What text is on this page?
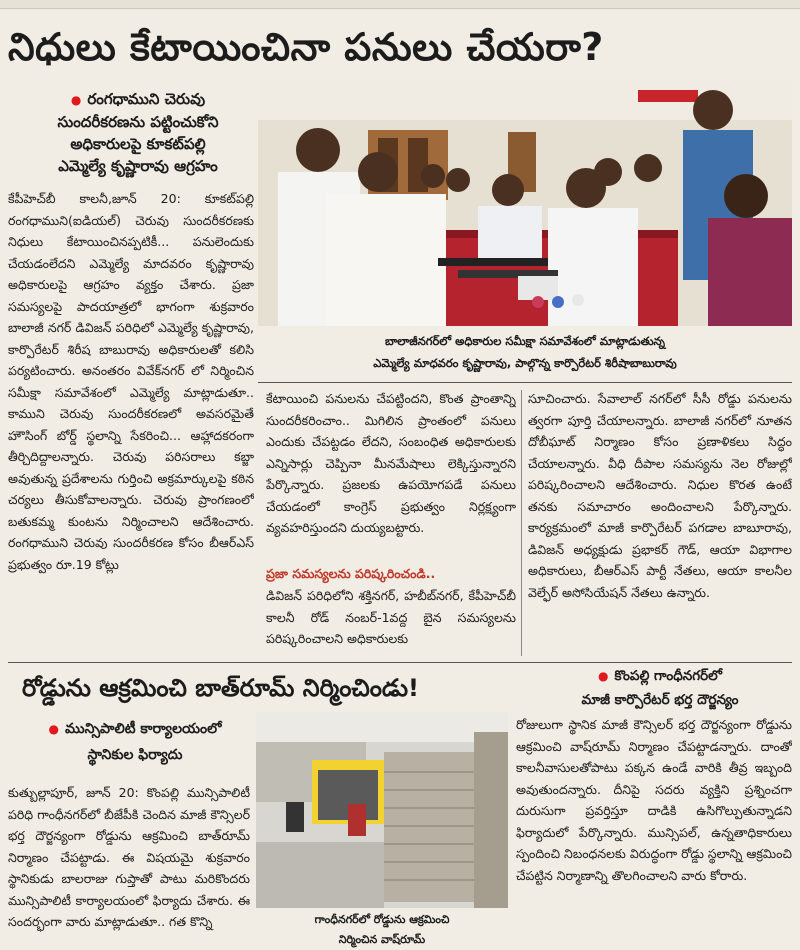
నిధులు కేటాయించినా పనులు చేయరా?
● రంగధాముని చెరువు
సుందరీకరణను పట్టించుకోని
అధికారులపై కూకట్‌పల్లి
ఎమ్మెల్యే కృష్ణారావు ఆగ్రహం
కేపీహెచ్‌బీ కాలనీ,జూన్ 20: కూకట్‌పల్లి రంగధాముని(ఐడియల్) చెరువు సుందరీకరణకు నిధులు కేటాయించినప్పటికీ... పనులెందుకు చేయడంలేదని ఎమ్మెల్యే మాదవరం కృష్ణారావు అధికారులపై ఆగ్రహం వ్యక్తం చేశారు. ప్రజా సమస్యలపై పాదయాత్రలో భాగంగా శుక్రవారం బాలాజీ నగర్ డివిజన్ పరిధిలో ఎమ్మెల్యే కృష్ణారావు, కార్పొరేటర్ శిరీష బాబురావు అధికారులతో కలిసి పర్యటించారు. అనంతరం వివేక్‌నగర్ లో నిర్మించిన సమీక్షా సమావేశంలో ఎమ్మెల్యే మాట్లాడుతూ.. కాముని చెరువు సుందరీకరణలో అవసరమైతే హౌసింగ్ బోర్డ్ స్థలాన్ని సేకరించి... ఆహ్లాదకరంగా తీర్చిదిద్దాలన్నారు. చెరువు పరిసరాలు కబ్జా అవుతున్న ప్రదేశాలను గుర్తించి అక్రమార్కులపై కఠిన చర్యలు తీసుకోవాలన్నారు. చెరువు ప్రాంగణంలో బతుకమ్మ కుంటను నిర్మించాలని ఆదేశించారు. రంగధాముని చెరువు సుందరీకరణ కోసం బీఆర్ఎస్ ప్రభుత్వం రూ.19 కోట్లు
బాలాజీనగర్‌లో అధికారుల సమీక్షా సమావేశంలో మాట్లాడుతున్న
ఎమ్మెల్యే మాధవరం కృష్ణారావు, పాల్గొన్న కార్పొరేటర్ శిరీషాబాబురావు
కేటాయించి పనులను చేపట్టిందని, కొంత ప్రాంతాన్ని సుందరీకరించాం.. మిగిలిన ప్రాంతంలో పనులు ఎందుకు చేపట్టడం లేదని, సంబంధిత అధికారులకు ఎన్నిసార్లు చెప్పినా మీనమేషాలు లెక్కిస్తున్నారని పేర్కొన్నారు. ప్రజలకు ఉపయోగపడే పనులు చేయడంలో కాంగ్రెస్ ప్రభుత్వం నిర్లక్ష్యంగా వ్యవహరిస్తుందని దుయ్యబట్టారు.
ప్రజా సమస్యలను పరిష్కరించండి..
డివిజన్ పరిధిలోని శక్తినగర్, హబీబ్‌నగర్, కేపీహెచ్‌బీ కాలనీ రోడ్ నంబర్-1వద్ద బైన సమస్యలను పరిష్కరించాలని అధికారులకు
సూచించారు. సేవాలాల్ నగర్‌లో సీసీ రోడ్డు పనులను త్వరగా పూర్తి చేయాలన్నారు. బాలాజీ నగర్‌లో నూతన దోబీఘాట్ నిర్మాణం కోసం ప్రణాళికలు సిద్ధం చేయాలన్నారు. వీధి దీపాల సమస్యను నెల రోజుల్లో పరిష్కరించాలని ఆదేశించారు. నిధుల కొరత ఉంటే తనకు సమాచారం అందించాలని పేర్కొన్నారు. కార్యక్రమంలో మాజీ కార్పొరేటర్ పగడాల బాబూరావు, డివిజన్ అధ్యక్షుడు ప్రభాకర్ గౌడ్, ఆయా విభాగాల అధికారులు, బీఆర్ఎస్ పార్టీ నేతలు, ఆయా కాలనీల వెల్ఫేర్ అసోసియేషన్ నేతలు ఉన్నారు.
● కొంపల్లి గాంధీనగర్‌లో
మాజీ కార్పొరేటర్ భర్త దౌర్జన్యం
రోడ్డును ఆక్రమించి బాత్‌రూమ్ నిర్మించిండు!
● మున్సిపాలిటీ కార్యాలయంలో
స్థానికుల ఫిర్యాదు
కుత్బుల్లాపూర్, జూన్ 20: కొంపల్లి మున్సిపాలిటీ పరిధి గాంధీనగర్‌లో బీజేపీకి చెందిన మాజీ కౌన్సిలర్ భర్త దౌర్జన్యంగా రోడ్డును ఆక్రమించి బాత్‌రూమ్ నిర్మాణం చేపట్టాడు. ఈ విషయమై శుక్రవారం స్థానికుడు బాలరాజు గుప్తాతో పాటు మరికొందరు మున్సిపాలిటీ కార్యాలయంలో ఫిర్యాదు చేశారు. ఈ సందర్భంగా వారు మాట్లాడుతూ.. గత కొన్ని	గాంధీనగర్‌లో రోడ్డును ఆక్రమించి
నిర్మించిన వాష్‌రూమ్
రోజులుగా స్థానిక మాజీ కౌన్సిలర్ భర్త దౌర్జన్యంగా రోడ్డును ఆక్రమించి వాష్‌రూమ్ నిర్మాణం చేపట్టాడన్నారు. దాంతో కాలనీవాసులతోపాటు పక్కన ఉండే వారికి తీవ్ర ఇబ్బంది అవుతుందన్నారు. దీనిపై సదరు వ్యక్తిని ప్రశ్నించగా దురుసుగా ప్రవర్తిస్తూ దాడికి ఉసిగొల్పుతున్నాడని ఫిర్యాదులో పేర్కొన్నారు. మున్సిపల్, ఉన్నతాధికారులు స్పందించి నిబంధనలకు విరుద్ధంగా రోడ్డు స్థలాన్ని ఆక్రమించి చేపట్టిన నిర్మాణాన్ని తొలగించాలని వారు కోరారు.
